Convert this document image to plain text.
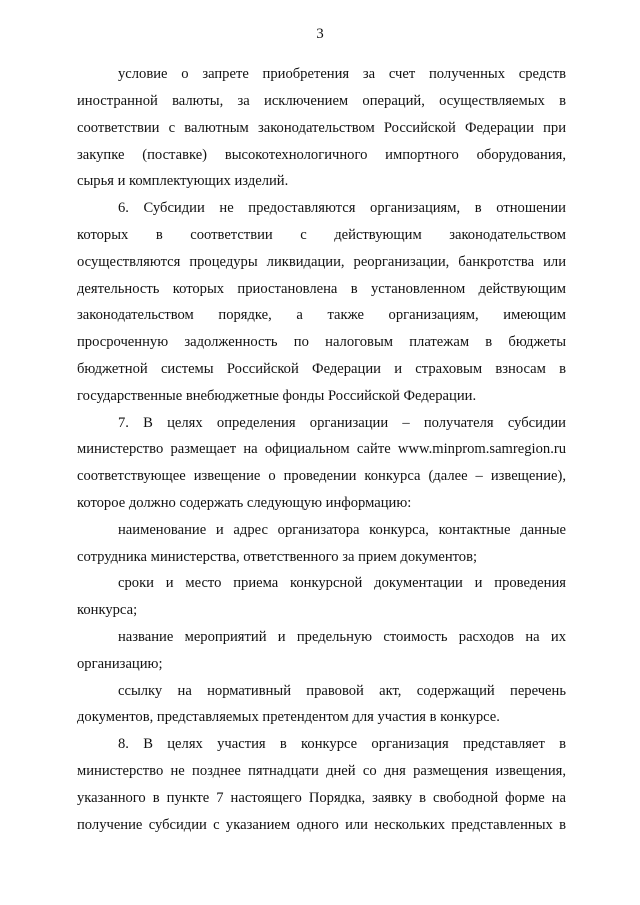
3
условие о запрете приобретения за счет полученных средств
иностранной валюты, за исключением операций, осуществляемых в
соответствии с валютным законодательством Российской Федерации при
закупке (поставке) высокотехнологичного импортного оборудования,
сырья и комплектующих изделий.
6. Субсидии не предоставляются организациям, в отношении
которых в соответствии с действующим законодательством
осуществляются процедуры ликвидации, реорганизации, банкротства или
деятельность которых приостановлена в установленном действующим
законодательством порядке, а также организациям, имеющим
просроченную задолженность по налоговым платежам в бюджеты
бюджетной системы Российской Федерации и страховым взносам в
государственные внебюджетные фонды Российской Федерации.
7. В целях определения организации – получателя субсидии
министерство размещает на официальном сайте www.minprom.samregion.ru
соответствующее извещение о проведении конкурса (далее – извещение),
которое должно содержать следующую информацию:
наименование и адрес организатора конкурса, контактные данные
сотрудника министерства, ответственного за прием документов;
сроки и место приема конкурсной документации и проведения
конкурса;
название мероприятий и предельную стоимость расходов на их
организацию;
ссылку на нормативный правовой акт, содержащий перечень
документов, представляемых претендентом для участия в конкурсе.
8. В целях участия в конкурсе организация представляет в
министерство не позднее пятнадцати дней со дня размещения извещения,
указанного в пункте 7 настоящего Порядка, заявку в свободной форме на
получение субсидии с указанием одного или нескольких представленных в
